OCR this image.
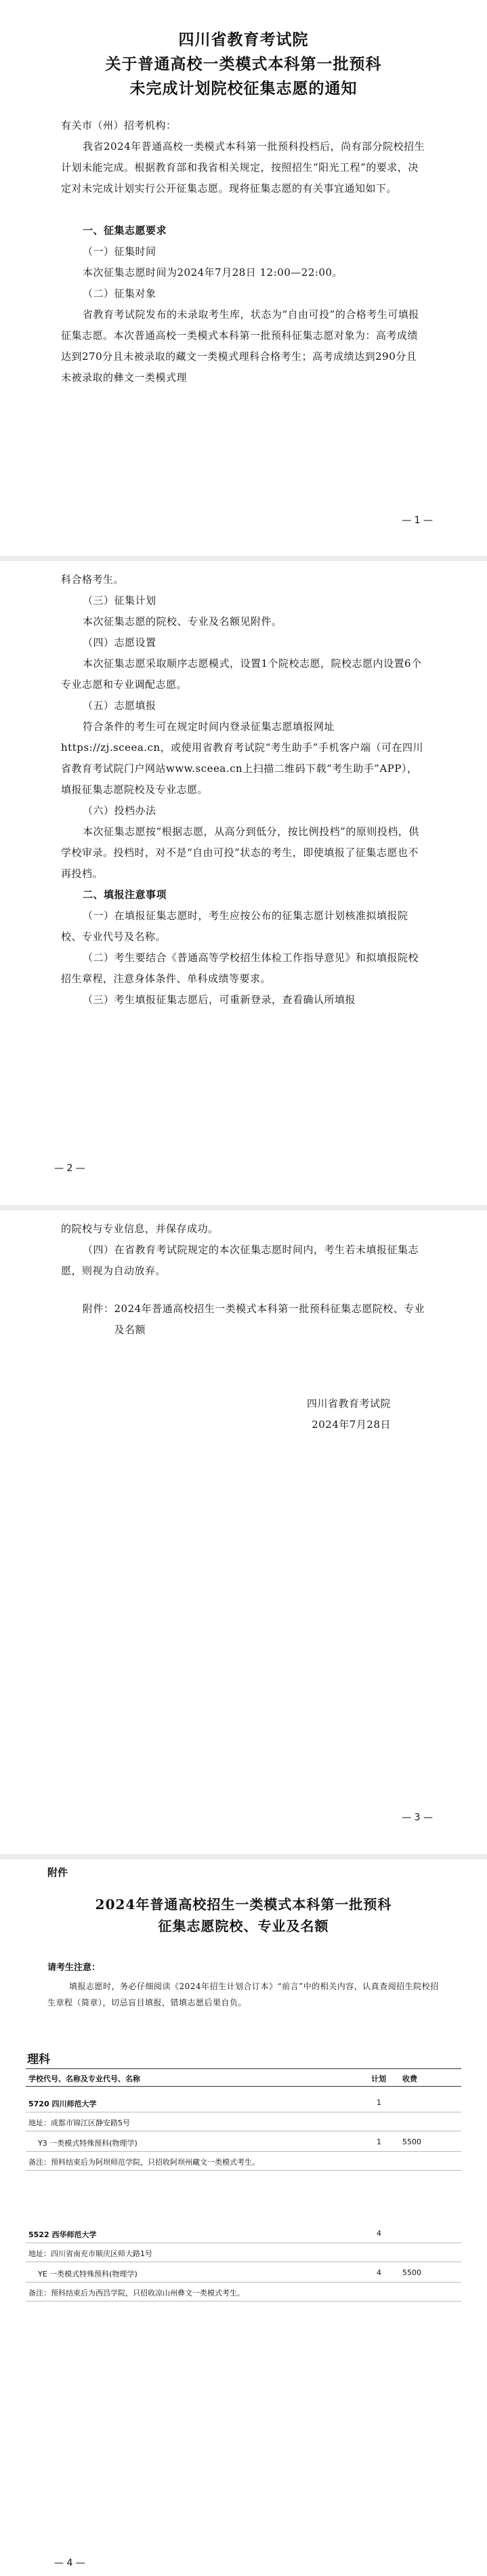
四川省教育考试院
关于普通高校一类模式本科第一批预科
未完成计划院校征集志愿的通知
有关市（州）招考机构：
我省2024年普通高校一类模式本科第一批预科投档后，尚有部分院校招生计划未能完成。根据教育部和我省相关规定，按照招生“阳光工程”的要求，决定对未完成计划实行公开征集志愿。现将征集志愿的有关事宜通知如下。
一、征集志愿要求
（一）征集时间
本次征集志愿时间为2024年7月28日 12:00—22:00。
（二）征集对象
省教育考试院发布的未录取考生库，状态为“自由可投”的合格考生可填报征集志愿。本次普通高校一类模式本科第一批预科征集志愿对象为：高考成绩达到270分且未被录取的藏文一类模式理科合格考生；高考成绩达到290分且未被录取的彝文一类模式理
— 1 —
科合格考生。
（三）征集计划
本次征集志愿的院校、专业及名额见附件。
（四）志愿设置
本次征集志愿采取顺序志愿模式，设置1个院校志愿，院校志愿内设置6个专业志愿和专业调配志愿。
（五）志愿填报
符合条件的考生可在规定时间内登录征集志愿填报网址https://zj.sceea.cn，或使用省教育考试院“考生助手”手机客户端（可在四川省教育考试院门户网站www.sceea.cn上扫描二维码下载“考生助手”APP），填报征集志愿院校及专业志愿。
（六）投档办法
本次征集志愿按“根据志愿，从高分到低分，按比例投档”的原则投档，供学校审录。投档时，对不是“自由可投”状态的考生，即使填报了征集志愿也不再投档。
二、填报注意事项
（一）在填报征集志愿时，考生应按公布的征集志愿计划核准拟填报院校、专业代号及名称。
（二）考生要结合《普通高等学校招生体检工作指导意见》和拟填报院校招生章程，注意身体条件、单科成绩等要求。
（三）考生填报征集志愿后，可重新登录，查看确认所填报
— 2 —
的院校与专业信息，并保存成功。
（四）在省教育考试院规定的本次征集志愿时间内，考生若未填报征集志愿，则视为自动放弃。
附件： 2024年普通高校招生一类模式本科第一批预科征集志愿院校、专业及名额
四川省教育考试院
2024年7月28日
— 3 —
附件
2024年普通高校招生一类模式本科第一批预科
征集志愿院校、专业及名额
请考生注意：
填报志愿时，务必仔细阅读《2024年招生计划合订本》“前言”中的相关内容，认真查阅招生院校招生章程（简章），切忌盲目填报，错填志愿后果自负。
理科
学校代号、名称及专业代号、名称	计划 收费
5720 四川师范大学	1
地址：成都市锦江区静安路5号
Y3 一类模式特殊预科(物理学)	1	5500
备注：预科结束后为阿坝师范学院，只招收阿坝州藏文一类模式考生。
5522 西华师范大学	4
地址：四川省南充市顺庆区师大路1号
YE 一类模式特殊预科(物理学)	4	5500
备注：预科结束后为西昌学院，只招收凉山州彝文一类模式考生。
— 4 —
